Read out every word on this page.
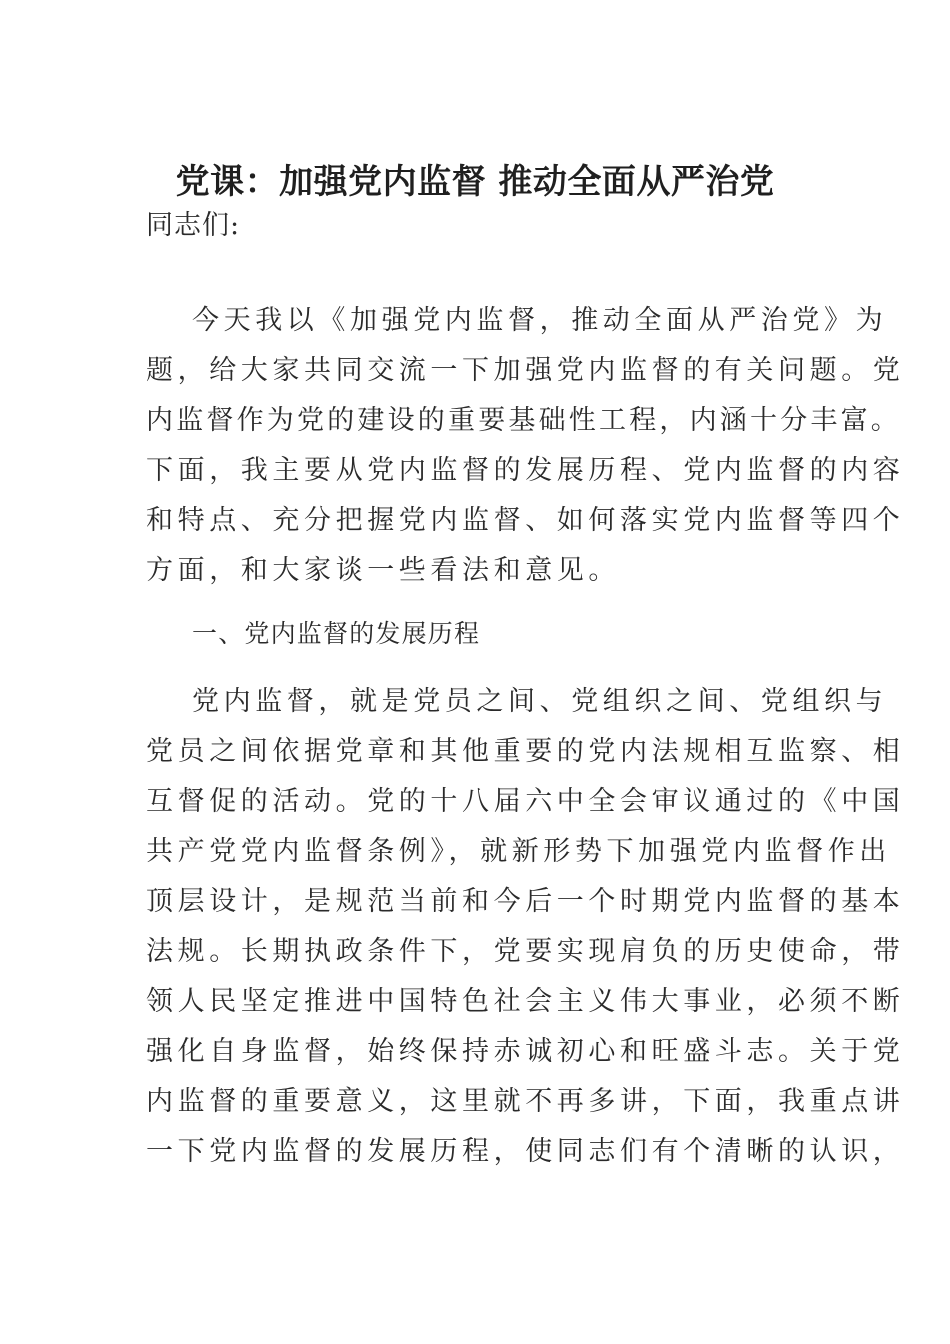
党课：加强党内监督 推动全面从严治党
同志们:
今天我以《加强党内监督，推动全面从严治党》为
题，给大家共同交流一下加强党内监督的有关问题。党
内监督作为党的建设的重要基础性工程，内涵十分丰富。
下面，我主要从党内监督的发展历程、党内监督的内容
和特点、充分把握党内监督、如何落实党内监督等四个
方面，和大家谈一些看法和意见。
一、党内监督的发展历程
党内监督，就是党员之间、党组织之间、党组织与
党员之间依据党章和其他重要的党内法规相互监察、相
互督促的活动。党的十八届六中全会审议通过的《中国
共产党党内监督条例》，就新形势下加强党内监督作出
顶层设计，是规范当前和今后一个时期党内监督的基本
法规。长期执政条件下，党要实现肩负的历史使命，带
领人民坚定推进中国特色社会主义伟大事业，必须不断
强化自身监督，始终保持赤诚初心和旺盛斗志。关于党
内监督的重要意义，这里就不再多讲，下面，我重点讲
一下党内监督的发展历程，使同志们有个清晰的认识，
